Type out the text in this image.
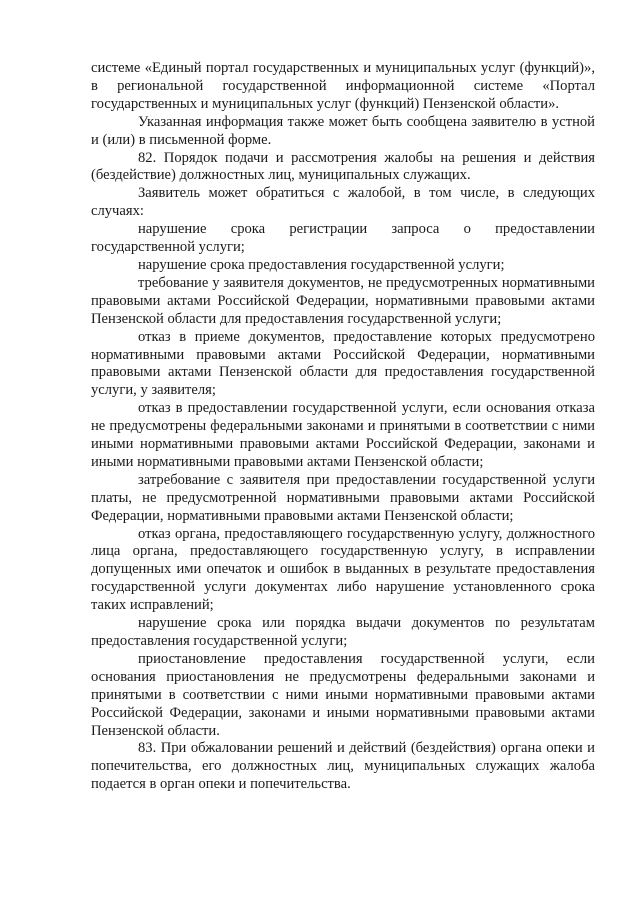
системе «Единый портал государственных и муниципальных услуг (функций)», в региональной государственной информационной системе «Портал государственных и муниципальных услуг (функций) Пензенской области».

Указанная информация также может быть сообщена заявителю в устной и (или) в письменной форме.

82. Порядок подачи и рассмотрения жалобы на решения и действия (бездействие) должностных лиц, муниципальных служащих.

Заявитель может обратиться с жалобой, в том числе, в следующих случаях:

нарушение срока регистрации запроса о предоставлении государственной услуги;

нарушение срока предоставления государственной услуги;

требование у заявителя документов, не предусмотренных нормативными правовыми актами Российской Федерации, нормативными правовыми актами Пензенской области для предоставления государственной услуги;

отказ в приеме документов, предоставление которых предусмотрено нормативными правовыми актами Российской Федерации, нормативными правовыми актами Пензенской области для предоставления государственной услуги, у заявителя;

отказ в предоставлении государственной услуги, если основания отказа не предусмотрены федеральными законами и принятыми в соответствии с ними иными нормативными правовыми актами Российской Федерации, законами и иными нормативными правовыми актами Пензенской области;

затребование с заявителя при предоставлении государственной услуги платы, не предусмотренной нормативными правовыми актами Российской Федерации, нормативными правовыми актами Пензенской области;

отказ органа, предоставляющего государственную услугу, должностного лица органа, предоставляющего государственную услугу, в исправлении допущенных ими опечаток и ошибок в выданных в результате предоставления государственной услуги документах либо нарушение установленного срока таких исправлений;

нарушение срока или порядка выдачи документов по результатам предоставления государственной услуги;

приостановление предоставления государственной услуги, если основания приостановления не предусмотрены федеральными законами и принятыми в соответствии с ними иными нормативными правовыми актами Российской Федерации, законами и иными нормативными правовыми актами Пензенской области.

83. При обжаловании решений и действий (бездействия) органа опеки и попечительства, его должностных лиц, муниципальных служащих жалоба подается в орган опеки и попечительства.
